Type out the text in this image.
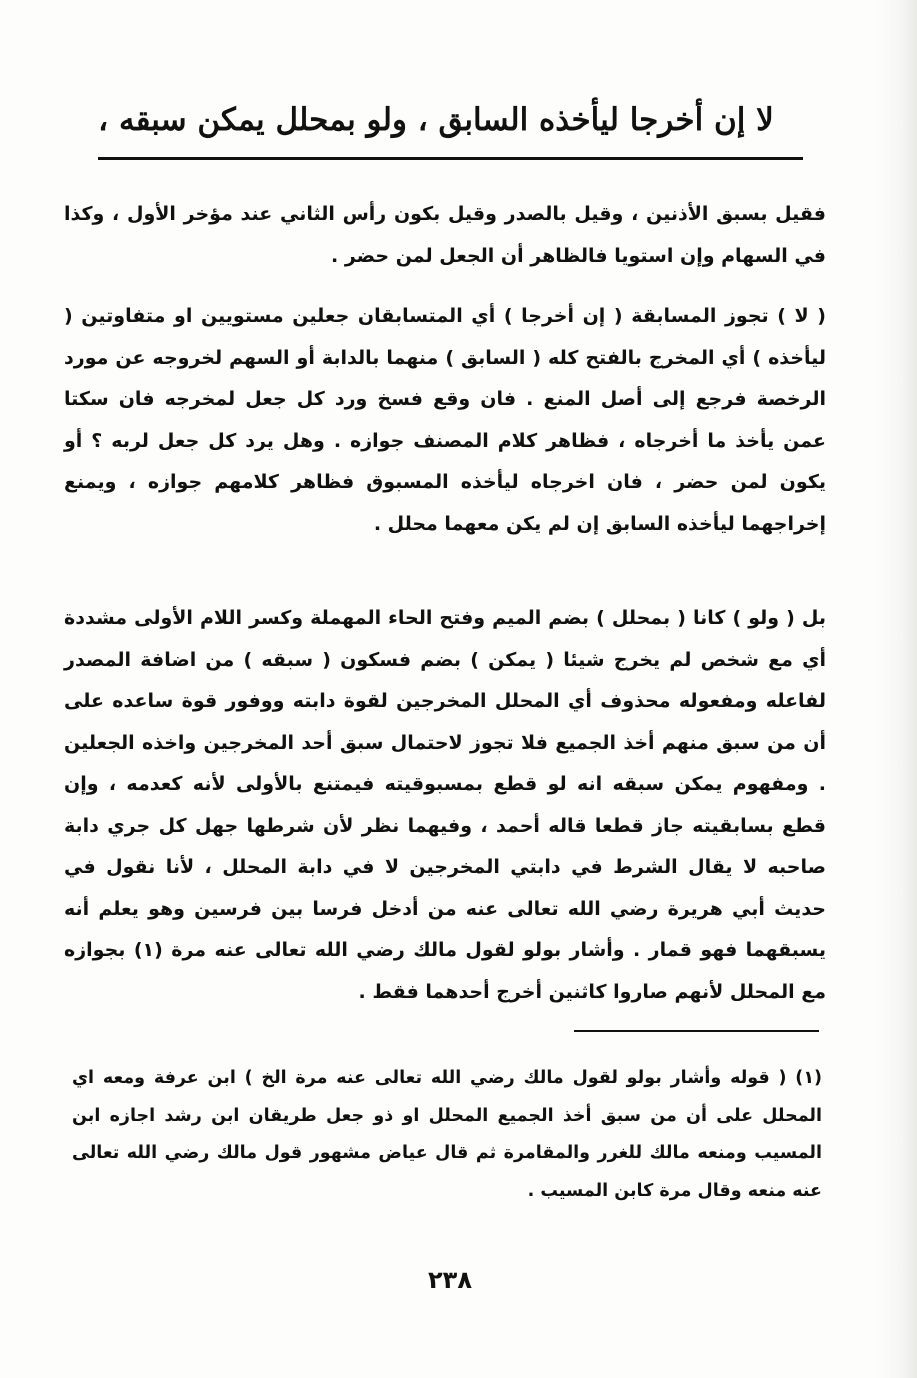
لا إن أخرجا ليأخذه السابق ، ولو بمحلل يمكن سبقه ،

فقيل بسبق الأذنين ، وقيل بالصدر وقيل بكون رأس الثاني عند مؤخر الأول ، وكذا في السهام وإن استويا فالظاهر أن الجعل لمن حضر .

( لا ) تجوز المسابقة ( إن أخرجا ) أي المتسابقان جعلين مستويين او متفاوتين ( ليأخذه ) أي المخرج بالفتح كله ( السابق ) منهما بالدابة أو السهم لخروجه عن مورد الرخصة فرجع إلى أصل المنع . فان وقع فسخ ورد كل جعل لمخرجه فان سكتا عمن يأخذ ما أخرجاه ، فظاهر كلام المصنف جوازه . وهل يرد كل جعل لربه ؟ أو يكون لمن حضر ، فان اخرجاه ليأخذه المسبوق فظاهر كلامهم جوازه ، ويمنع إخراجهما ليأخذه السابق إن لم يكن معهما محلل .

بل ( ولو ) كانا ( بمحلل ) بضم الميم وفتح الحاء المهملة وكسر اللام الأولى مشددة أي مع شخص لم يخرج شيئا ( يمكن ) بضم فسكون ( سبقه ) من اضافة المصدر لفاعله ومفعوله محذوف أي المحلل المخرجين لقوة دابته ووفور قوة ساعده على أن من سبق منهم أخذ الجميع فلا تجوز لاحتمال سبق أحد المخرجين واخذه الجعلين . ومفهوم يمكن سبقه انه لو قطع بمسبوقيته فيمتنع بالأولى لأنه كعدمه ، وإن قطع بسابقيته جاز قطعا قاله أحمد ، وفيهما نظر لأن شرطها جهل كل جري دابة صاحبه لا يقال الشرط في دابتي المخرجين لا في دابة المحلل ، لأنا نقول في حديث أبي هريرة رضي الله تعالى عنه من أدخل فرسا بين فرسين وهو يعلم أنه يسبقهما فهو قمار . وأشار بولو لقول مالك رضي الله تعالى عنه مرة (١) بجوازه مع المحلل لأنهم صاروا كاثنين أخرج أحدهما فقط .

(١) ( قوله وأشار بولو لقول مالك رضي الله تعالى عنه مرة الخ ) ابن عرفة ومعه اي المحلل على أن من سبق أخذ الجميع المحلل او ذو جعل طريقان ابن رشد اجازه ابن المسيب ومنعه مالك للغرر والمقامرة ثم قال عياض مشهور قول مالك رضي الله تعالى عنه منعه وقال مرة كابن المسيب .

٢٣٨
